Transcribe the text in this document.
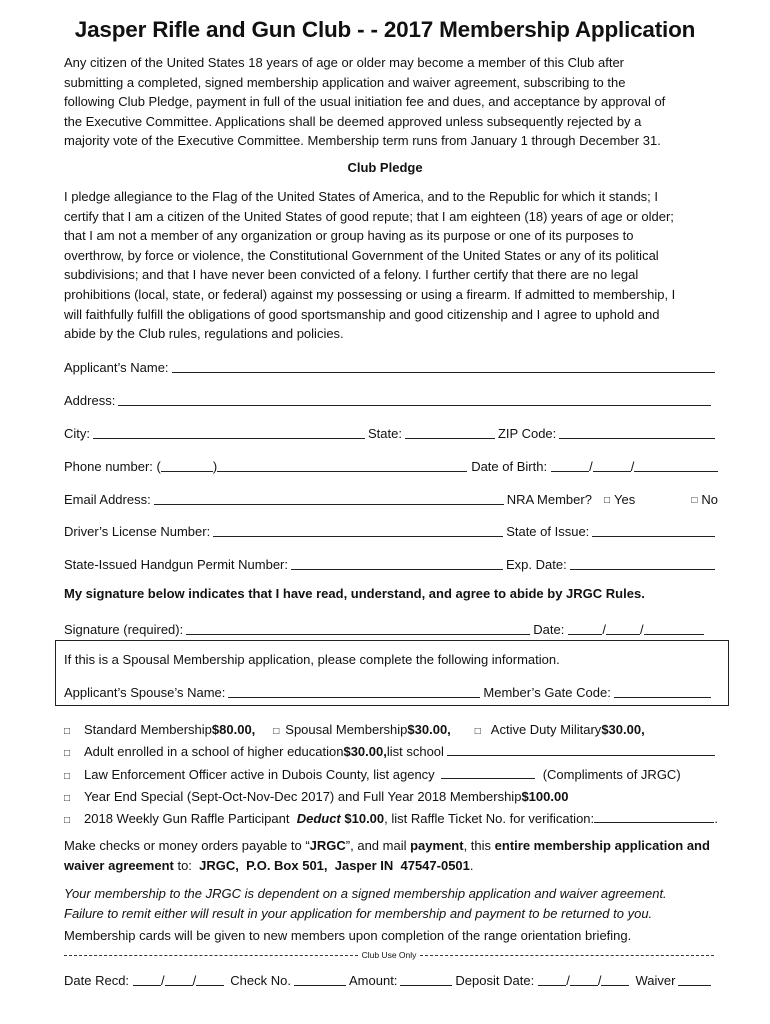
Jasper Rifle and Gun Club - - 2017 Membership Application
Any citizen of the United States 18 years of age or older may become a member of this Club after
submitting a completed, signed membership application and waiver agreement, subscribing to the
following Club Pledge, payment in full of the usual initiation fee and dues, and acceptance by approval of
the Executive Committee. Applications shall be deemed approved unless subsequently rejected by a
majority vote of the Executive Committee. Membership term runs from January 1 through December 31.
Club Pledge
I pledge allegiance to the Flag of the United States of America, and to the Republic for which it stands; I
certify that I am a citizen of the United States of good repute; that I am eighteen (18) years of age or older;
that I am not a member of any organization or group having as its purpose or one of its purposes to
overthrow, by force or violence, the Constitutional Government of the United States or any of its political
subdivisions; and that I have never been convicted of a felony. I further certify that there are no legal
prohibitions (local, state, or federal) against my possessing or using a firearm. If admitted to membership, I
will faithfully fulfill the obligations of good sportsmanship and good citizenship and I agree to uphold and
abide by the Club rules, regulations and policies.
Applicant’s Name:
Address:
City:	State:	ZIP Code:
Phone number: (	)	Date of Birth:	/	/
Email Address:	NRA Member? □ Yes	□ No
Driver’s License Number:	State of Issue:
State-Issued Handgun Permit Number:	Exp. Date:
My signature below indicates that I have read, understand, and agree to abide by JRGC Rules.
Signature (required):	Date:	/	/
If this is a Spousal Membership application, please complete the following information.
Applicant’s Spouse’s Name:	Member’s Gate Code:
□	Standard Membership $80.00, □ Spousal Membership $30.00, □ Active Duty Military $30.00,
□	Adult enrolled in a school of higher education $30.00, list school
□	Law Enforcement Officer active in Dubois County, list agency	(Compliments of JRGC)
□	Year End Special (Sept-Oct-Nov-Dec 2017) and Full Year 2018 Membership $100.00
□	2018 Weekly Gun Raffle Participant Deduct $10.00 , list Raffle Ticket No. for verification:	.
Make checks or money orders payable to “JRGC”, and mail payment, this entire membership application and waiver agreement to:  JRGC,  P.O. Box 501,  Jasper IN  47547-0501.
Your membership to the JRGC is dependent on a signed membership application and waiver agreement.
Failure to remit either will result in your application for membership and payment to be returned to you.
Membership cards will be given to new members upon completion of the range orientation briefing.
Club Use Only
Date Recd: / /	Check No.	Amount:	Deposit Date: / /	Waiver
